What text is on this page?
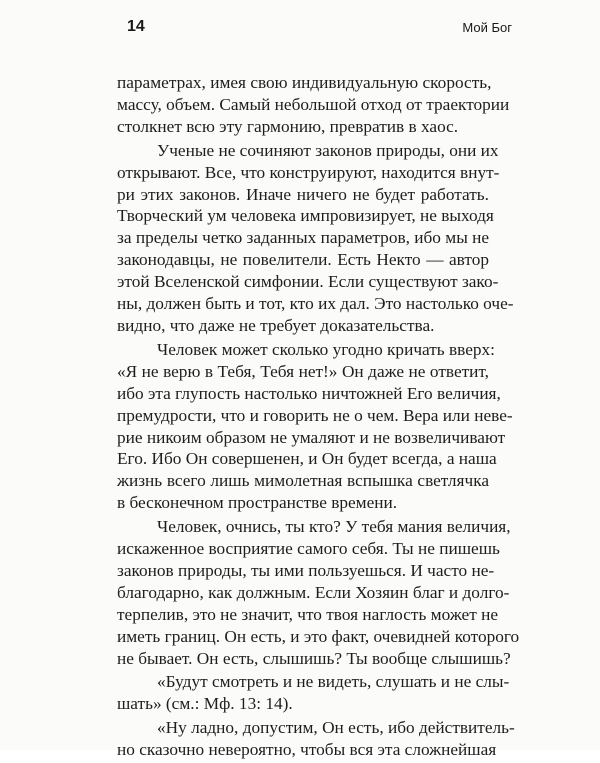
14	Мой Бог
параметрах, имея свою индивидуальную скорость,
массу, объем. Самый небольшой отход от траектории
столкнет всю эту гармонию, превратив в хаос.
Ученые не сочиняют законов природы, они их
открывают. Все, что конструируют, находится внут-
ри этих законов. Иначе ничего не будет работать.
Творческий ум человека импровизирует, не выходя
за пределы четко заданных параметров, ибо мы не
законодавцы, не повелители. Есть Некто — автор
этой Вселенской симфонии. Если существуют зако-
ны, должен быть и тот, кто их дал. Это настолько оче-
видно, что даже не требует доказательства.
Человек может сколько угодно кричать вверх:
«Я не верю в Тебя, Тебя нет!» Он даже не ответит,
ибо эта глупость настолько ничтожней Его величия,
премудрости, что и говорить не о чем. Вера или неве-
рие никоим образом не умаляют и не возвеличивают
Его. Ибо Он совершенен, и Он будет всегда, а наша
жизнь всего лишь мимолетная вспышка светлячка
в бесконечном пространстве времени.
Человек, очнись, ты кто? У тебя мания величия,
искаженное восприятие самого себя. Ты не пишешь
законов природы, ты ими пользуешься. И часто не-
благодарно, как должным. Если Хозяин благ и долго-
терпелив, это не значит, что твоя наглость может не
иметь границ. Он есть, и это факт, очевидней которого
не бывает. Он есть, слышишь? Ты вообще слышишь?
«Будут смотреть и не видеть, слушать и не слы-
шать» (см.: Мф. 13: 14).
«Ну ладно, допустим, Он есть, ибо действитель-
но сказочно невероятно, чтобы вся эта сложнейшая
